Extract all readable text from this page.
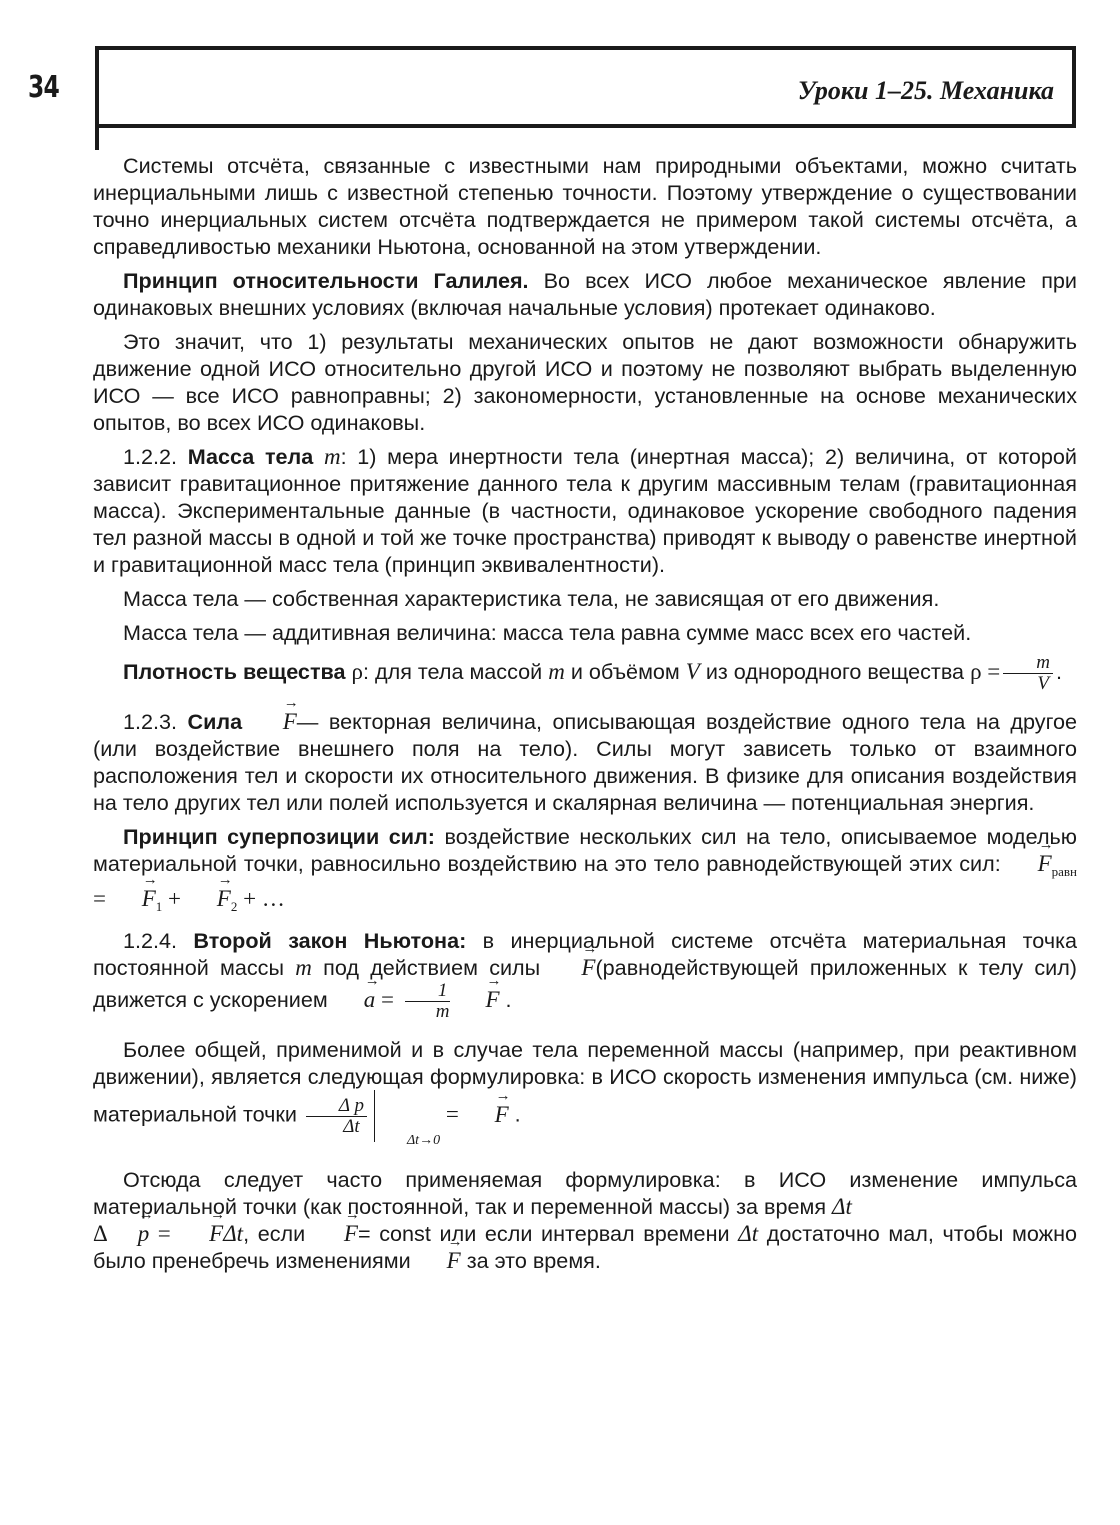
34	Уроки 1–25. Механика

Системы отсчёта, связанные с известными нам природными объектами, можно считать инерциальными лишь с известной степенью точности. Поэтому утверждение о существовании точно инерциальных систем отсчёта подтверждается не примером такой системы отсчёта, а справедливостью механики Ньютона, основанной на этом утверждении.

Принцип относительности Галилея. Во всех ИСО любое механическое явление при одинаковых внешних условиях (включая начальные условия) протекает одинаково.

Это значит, что 1) результаты механических опытов не дают возможности обнаружить движение одной ИСО относительно другой ИСО и поэтому не позволяют выбрать выделенную ИСО — все ИСО равноправны; 2) закономерности, установленные на основе механических опытов, во всех ИСО одинаковы.

1.2.2. Масса тела m: 1) мера инертности тела (инертная масса); 2) величина, от которой зависит гравитационное притяжение данного тела к другим массивным телам (гравитационная масса). Экспериментальные данные (в частности, одинаковое ускорение свободного падения тел разной массы в одной и той же точке пространства) приводят к выводу о равенстве инертной и гравитационной масс тела (принцип эквивалентности).

Масса тела — собственная характеристика тела, не зависящая от его движения.

Масса тела — аддитивная величина: масса тела равна сумме масс всех его частей.

Плотность вещества ρ: для тела массой m и объёмом V из однородного вещества $\rho = \frac{m}{V}$ .

1.2.3. Сила F →— векторная величина, описывающая воздействие одного тела на другое (или воздействие внешнего поля на тело). Силы могут зависеть только от взаимного расположения тел и скорости их относительного движения. В физике для описания воздействия на тело других тел или полей используется и скалярная величина — потенциальная энергия.

Принцип суперпозиции сил: воздействие нескольких сил на тело, описываемое моделью материальной точки, равносильно воздействию на это тело равнодействующей этих сил: $F \to_{равн} = F \to_1 + F \to_2$ + …

1.2.4. Второй закон Ньютона: в инерциальной системе отсчёта материальная точка постоянной массы m под действием силы F →(равнодействующей приложенных к телу сил) движется с ускорением a → = $\frac{1}{m}$ F → .

Более общей, применимой и в случае тела переменной массы (например, при реактивном движении), является следующая формулировка: в ИСО скорость изменения импульса (см. ниже) материальной точки $\frac{\text{Δ p}}{\Delta t}$
Δt→0 = F → .

Отсюда следует часто применяемая формулировка: в ИСО изменение импульса материальной точки (как постоянной, так и переменной массы) за время Δt
Δ p → = F →Δt, если F →= const или если интервал времени Δt достаточно мал, чтобы можно было пренебречь изменениями F → за это время.
